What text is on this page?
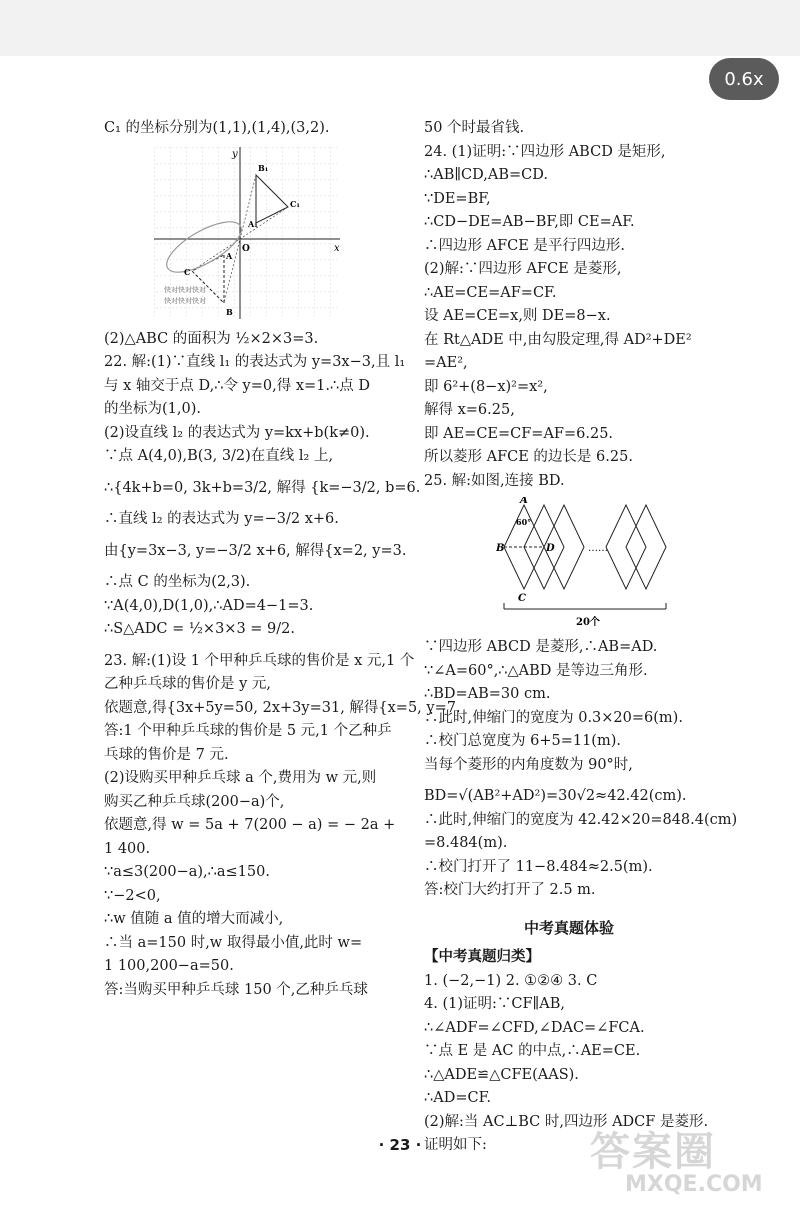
0.6x
C₁ 的坐标分别为(1,1),(1,4),(3,2).
x
y
O
A
B
C
A₁
B₁
C₁
快对快对快对
快对快对快对
(2)△ABC 的面积为 ½×2×3=3.
22. 解:(1)∵直线 l₁ 的表达式为 y=3x−3,且 l₁
与 x 轴交于点 D,∴令 y=0,得 x=1.∴点 D
的坐标为(1,0).
(2)设直线 l₂ 的表达式为 y=kx+b(k≠0).
∵点 A(4,0),B(3, 3/2)在直线 l₂ 上,
∴{4k+b=0, 3k+b=3/2, 解得 {k=−3/2, b=6.
∴直线 l₂ 的表达式为 y=−3/2 x+6.
由{y=3x−3, y=−3/2 x+6, 解得{x=2, y=3.
∴点 C 的坐标为(2,3).
∵A(4,0),D(1,0),∴AD=4−1=3.
∴S△ADC = ½×3×3 = 9/2.
23. 解:(1)设 1 个甲种乒乓球的售价是 x 元,1 个
乙种乒乓球的售价是 y 元,
依题意,得{3x+5y=50, 2x+3y=31, 解得{x=5, y=7.
答:1 个甲种乒乓球的售价是 5 元,1 个乙种乒
乓球的售价是 7 元.
(2)设购买甲种乒乓球 a 个,费用为 w 元,则
购买乙种乒乓球(200−a)个,
依题意,得 w = 5a + 7(200 − a) = − 2a +
1 400.
∵a≤3(200−a),∴a≤150.
∵−2<0,
∴w 值随 a 值的增大而减小,
∴当 a=150 时,w 取得最小值,此时 w=
1 100,200−a=50.
答:当购买甲种乒乓球 150 个,乙种乒乓球
50 个时最省钱.
24. (1)证明:∵四边形 ABCD 是矩形,
∴AB∥CD,AB=CD.
∵DE=BF,
∴CD−DE=AB−BF,即 CE=AF.
∴四边形 AFCE 是平行四边形.
(2)解:∵四边形 AFCE 是菱形,
∴AE=CE=AF=CF.
设 AE=CE=x,则 DE=8−x.
在 Rt△ADE 中,由勾股定理,得 AD²+DE²
=AE²,
即 6²+(8−x)²=x²,
解得 x=6.25,
即 AE=CE=CF=AF=6.25.
所以菱形 AFCE 的边长是 6.25.
25. 解:如图,连接 BD.
A
B
C
D
60°
……
20个
∵四边形 ABCD 是菱形,∴AB=AD.
∵∠A=60°,∴△ABD 是等边三角形.
∴BD=AB=30 cm.
∴此时,伸缩门的宽度为 0.3×20=6(m).
∴校门总宽度为 6+5=11(m).
当每个菱形的内角度数为 90°时,
BD=√(AB²+AD²)=30√2≈42.42(cm).
∴此时,伸缩门的宽度为 42.42×20=848.4(cm)
=8.484(m).
∴校门打开了 11−8.484≈2.5(m).
答:校门大约打开了 2.5 m.
中考真题体验
【中考真题归类】
1. (−2,−1) 2. ①②④ 3. C
4. (1)证明:∵CF∥AB,
∴∠ADF=∠CFD,∠DAC=∠FCA.
∵点 E 是 AC 的中点,∴AE=CE.
∴△ADE≌△CFE(AAS).
∴AD=CF.
(2)解:当 AC⊥BC 时,四边形 ADCF 是菱形.
证明如下:
· 23 ·	答案圈
MXQE.COM
